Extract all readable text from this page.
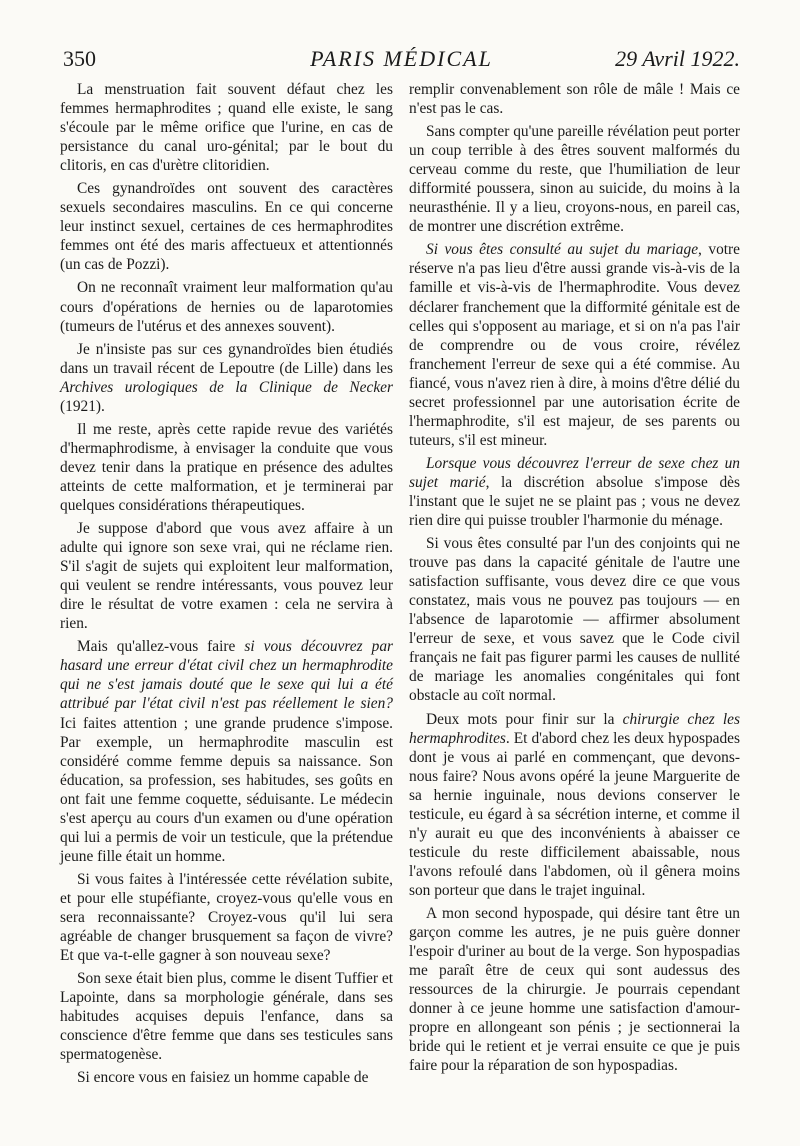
350	PARIS MÉDICAL	29 Avril 1922.

La menstruation fait souvent défaut chez les femmes hermaphrodites ; quand elle existe, le sang s'écoule par le même orifice que l'urine, en cas de persistance du canal uro-génital; par le bout du clitoris, en cas d'urètre clitoridien.

Ces gynandroïdes ont souvent des caractères sexuels secondaires masculins. En ce qui concerne leur instinct sexuel, certaines de ces hermaphrodites femmes ont été des maris affectueux et attentionnés (un cas de Pozzi).

On ne reconnaît vraiment leur malformation qu'au cours d'opérations de hernies ou de laparotomies (tumeurs de l'utérus et des annexes souvent).

Je n'insiste pas sur ces gynandroïdes bien étudiés dans un travail récent de Lepoutre (de Lille) dans les Archives urologiques de la Clinique de Necker (1921).

Il me reste, après cette rapide revue des variétés d'hermaphrodisme, à envisager la conduite que vous devez tenir dans la pratique en présence des adultes atteints de cette malformation, et je terminerai par quelques considérations thérapeutiques.

Je suppose d'abord que vous avez affaire à un adulte qui ignore son sexe vrai, qui ne réclame rien. S'il s'agit de sujets qui exploitent leur malformation, qui veulent se rendre intéressants, vous pouvez leur dire le résultat de votre examen : cela ne servira à rien.

Mais qu'allez-vous faire si vous découvrez par hasard une erreur d'état civil chez un hermaphrodite qui ne s'est jamais douté que le sexe qui lui a été attribué par l'état civil n'est pas réellement le sien? Ici faites attention ; une grande prudence s'impose. Par exemple, un hermaphrodite masculin est considéré comme femme depuis sa naissance. Son éducation, sa profession, ses habitudes, ses goûts en ont fait une femme coquette, séduisante. Le médecin s'est aperçu au cours d'un examen ou d'une opération qui lui a permis de voir un testicule, que la prétendue jeune fille était un homme.

Si vous faites à l'intéressée cette révélation subite, et pour elle stupéfiante, croyez-vous qu'elle vous en sera reconnaissante? Croyez-vous qu'il lui sera agréable de changer brusquement sa façon de vivre? Et que va-t-elle gagner à son nouveau sexe?

Son sexe était bien plus, comme le disent Tuffier et Lapointe, dans sa morphologie générale, dans ses habitudes acquises depuis l'enfance, dans sa conscience d'être femme que dans ses testicules sans spermatogenèse.

Si encore vous en faisiez un homme capable de

remplir convenablement son rôle de mâle ! Mais ce n'est pas le cas.

Sans compter qu'une pareille révélation peut porter un coup terrible à des êtres souvent malformés du cerveau comme du reste, que l'humiliation de leur difformité poussera, sinon au suicide, du moins à la neurasthénie. Il y a lieu, croyons-nous, en pareil cas, de montrer une discrétion extrême.

Si vous êtes consulté au sujet du mariage, votre réserve n'a pas lieu d'être aussi grande vis-à-vis de la famille et vis-à-vis de l'hermaphrodite. Vous devez déclarer franchement que la difformité génitale est de celles qui s'opposent au mariage, et si on n'a pas l'air de comprendre ou de vous croire, révélez franchement l'erreur de sexe qui a été commise. Au fiancé, vous n'avez rien à dire, à moins d'être délié du secret professionnel par une autorisation écrite de l'hermaphrodite, s'il est majeur, de ses parents ou tuteurs, s'il est mineur.

Lorsque vous découvrez l'erreur de sexe chez un sujet marié, la discrétion absolue s'impose dès l'instant que le sujet ne se plaint pas ; vous ne devez rien dire qui puisse troubler l'harmonie du ménage.

Si vous êtes consulté par l'un des conjoints qui ne trouve pas dans la capacité génitale de l'autre une satisfaction suffisante, vous devez dire ce que vous constatez, mais vous ne pouvez pas toujours — en l'absence de laparotomie — affirmer absolument l'erreur de sexe, et vous savez que le Code civil français ne fait pas figurer parmi les causes de nullité de mariage les anomalies congénitales qui font obstacle au coït normal.

Deux mots pour finir sur la chirurgie chez les hermaphrodites. Et d'abord chez les deux hypospades dont je vous ai parlé en commençant, que devons-nous faire? Nous avons opéré la jeune Marguerite de sa hernie inguinale, nous devions conserver le testicule, eu égard à sa sécrétion interne, et comme il n'y aurait eu que des inconvénients à abaisser ce testicule du reste difficilement abaissable, nous l'avons refoulé dans l'abdomen, où il gênera moins son porteur que dans le trajet inguinal.

A mon second hypospade, qui désire tant être un garçon comme les autres, je ne puis guère donner l'espoir d'uriner au bout de la verge. Son hypospadias me paraît être de ceux qui sont audessus des ressources de la chirurgie. Je pourrais cependant donner à ce jeune homme une satisfaction d'amour-propre en allongeant son pénis ; je sectionnerai la bride qui le retient et je verrai ensuite ce que je puis faire pour la réparation de son hypospadias.
